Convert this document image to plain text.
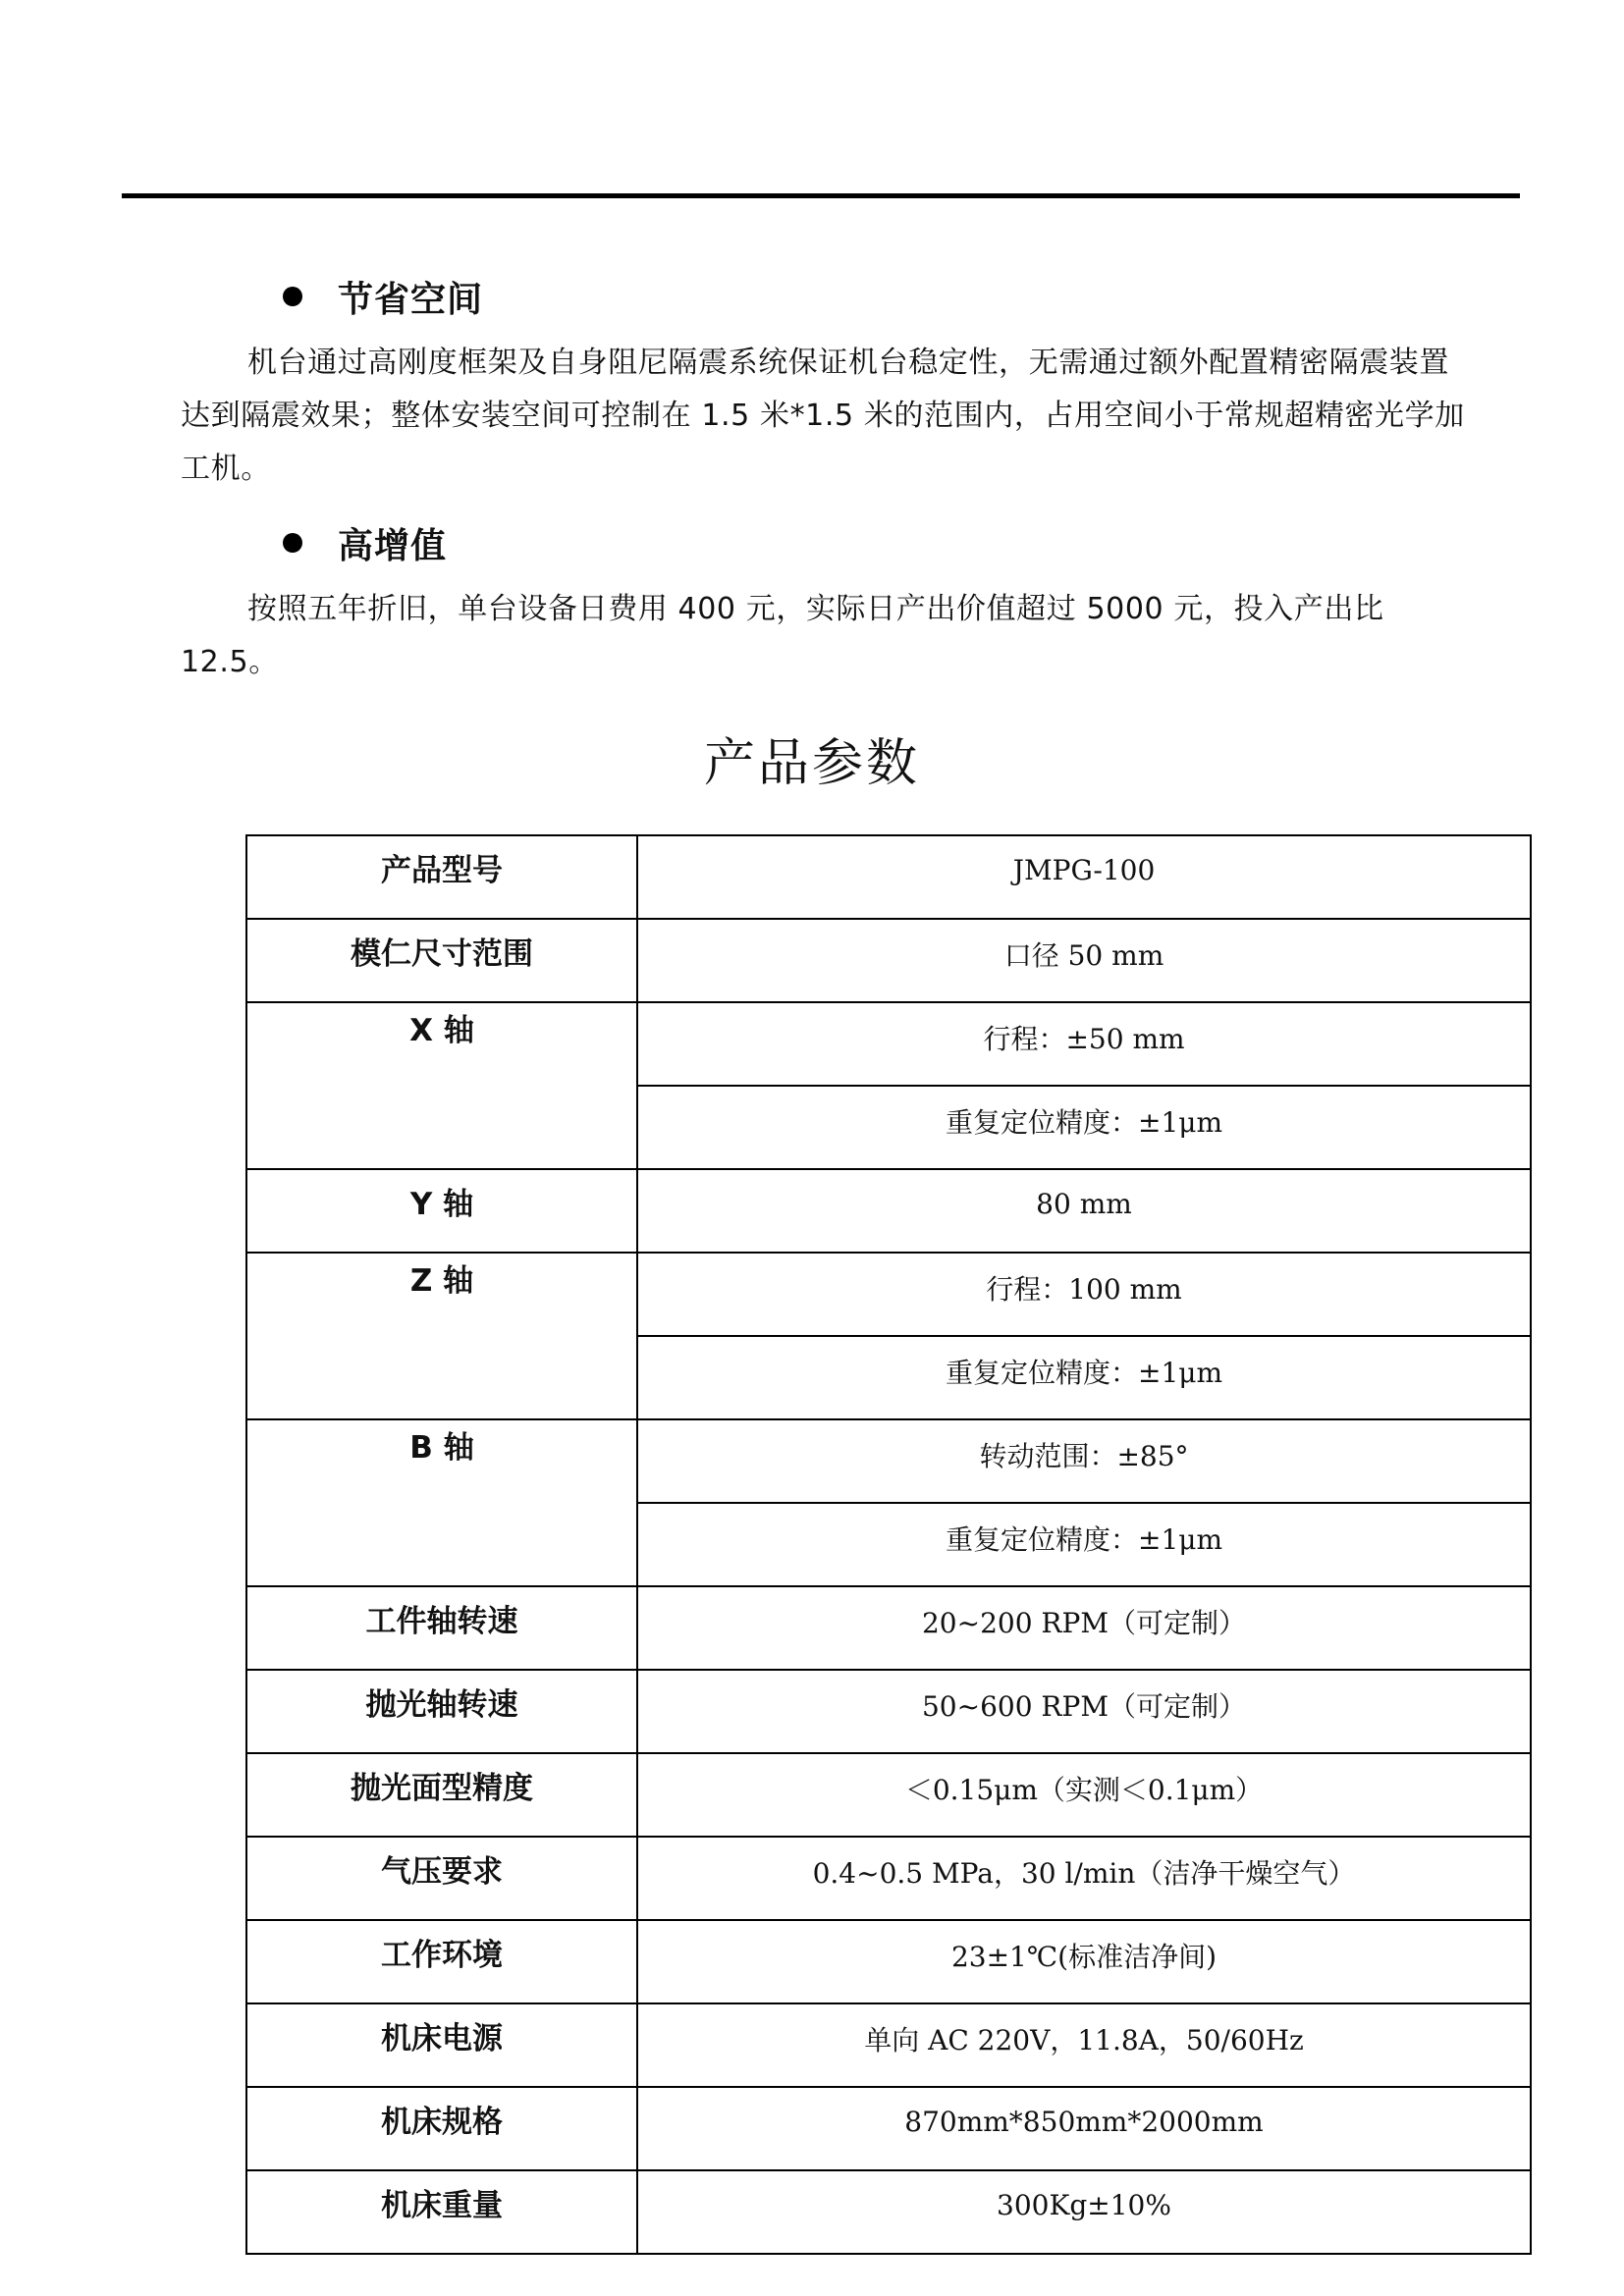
节省空间

机台通过高刚度框架及自身阻尼隔震系统保证机台稳定性，无需通过额外配置精密隔震装置达到隔震效果；整体安装空间可控制在 1.5 米*1.5 米的范围内，占用空间小于常规超精密光学加工机。

高增值

按照五年折旧，单台设备日费用 400 元，实际日产出价值超过 5000 元，投入产出比 12.5。

产品参数
产品型号	JMPG-100
模仁尺寸范围	口径 50 mm
X 轴	行程：±50 mm
	重复定位精度：±1μm
Y 轴	80 mm
Z 轴	行程：100 mm
	重复定位精度：±1μm
B 轴	转动范围：±85°
	重复定位精度：±1μm
工件轴转速	20~200 RPM（可定制）
抛光轴转速	50~600 RPM（可定制）
抛光面型精度	＜0.15μm（实测＜0.1μm）
气压要求	0.4~0.5 MPa，30 l/min（洁净干燥空气）
工作环境	23±1℃(标准洁净间)
机床电源	单向 AC 220V，11.8A，50/60Hz
机床规格	870mm*850mm*2000mm
机床重量	300Kg±10%
